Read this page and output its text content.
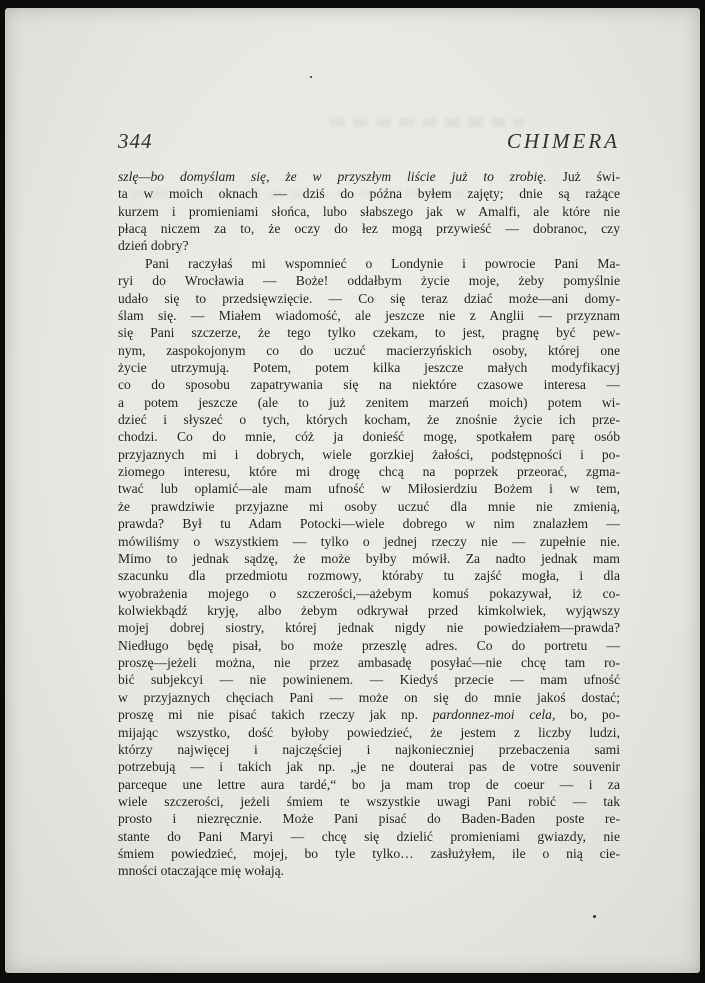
344	CHIMERA
szlę—bo domyślam się, że w przyszłym liście już to zrobię. Już świ-
ta w moich oknach — dziś do późna byłem zajęty; dnie są rażące
kurzem i promieniami słońca, lubo słabszego jak w Amalfi, ale które nie
płacą niczem za to, że oczy do łez mogą przywieść — dobranoc, czy
dzień dobry?
Pani raczyłaś mi wspomnieć o Londynie i powrocie Pani Ma-
ryi do Wrocławia — Boże! oddałbym życie moje, żeby pomyślnie
udało się to przedsięwzięcie. — Co się teraz dziać może—ani domy-
ślam się. — Miałem wiadomość, ale jeszcze nie z Anglii — przyznam
się Pani szczerze, że tego tylko czekam, to jest, pragnę być pew-
nym, zaspokojonym co do uczuć macierzyńskich osoby, której one
życie utrzymują. Potem, potem kilka jeszcze małych modyfikacyj
co do sposobu zapatrywania się na niektóre czasowe interesa —
a potem jeszcze (ale to już zenitem marzeń moich) potem wi-
dzieć i słyszeć o tych, których kocham, że znośnie życie ich prze-
chodzi. Co do mnie, cóż ja donieść mogę, spotkałem parę osób
przyjaznych mi i dobrych, wiele gorzkiej żałości, podstępności i po-
ziomego interesu, które mi drogę chcą na poprzek przeorać, zgma-
twać lub oplamić—ale mam ufność w Miłosierdziu Bożem i w tem,
że prawdziwie przyjazne mi osoby uczuć dla mnie nie zmienią,
prawda? Był tu Adam Potocki—wiele dobrego w nim znalazłem —
mówiliśmy o wszystkiem — tylko o jednej rzeczy nie — zupełnie nie.
Mimo to jednak sądzę, że może byłby mówił. Za nadto jednak mam
szacunku dla przedmiotu rozmowy, któraby tu zajść mogła, i dla
wyobrażenia mojego o szczerości,—ażebym komuś pokazywał, iż co-
kolwiekbądź kryję, albo żebym odkrywał przed kimkolwiek, wyjąwszy
mojej dobrej siostry, której jednak nigdy nie powiedziałem—prawda?
Niedługo będę pisał, bo może przeszlę adres. Co do portretu —
proszę—jeżeli można, nie przez ambasadę posyłać—nie chcę tam ro-
bić subjekcyi — nie powinienem. — Kiedyś przecie — mam ufność
w przyjaznych chęciach Pani — może on się do mnie jakoś dostać;
proszę mi nie pisać takich rzeczy jak np. pardonnez-moi cela, bo, po-
mijając wszystko, dość byłoby powiedzieć, że jestem z liczby ludzi,
którzy najwięcej i najczęściej i najkonieczniej przebaczenia sami
potrzebują — i takich jak np. „je ne douterai pas de votre souvenir
parceque une lettre aura tardé,“ bo ja mam trop de coeur — i za
wiele szczerości, jeżeli śmiem te wszystkie uwagi Pani robić — tak
prosto i niezręcznie. Może Pani pisać do Baden-Baden poste re-
stante do Pani Maryi — chcę się dzielić promieniami gwiazdy, nie
śmiem powiedzieć, mojej, bo tyle tylko… zasłużyłem, ile o nią cie-
mności otaczające mię wołają.
